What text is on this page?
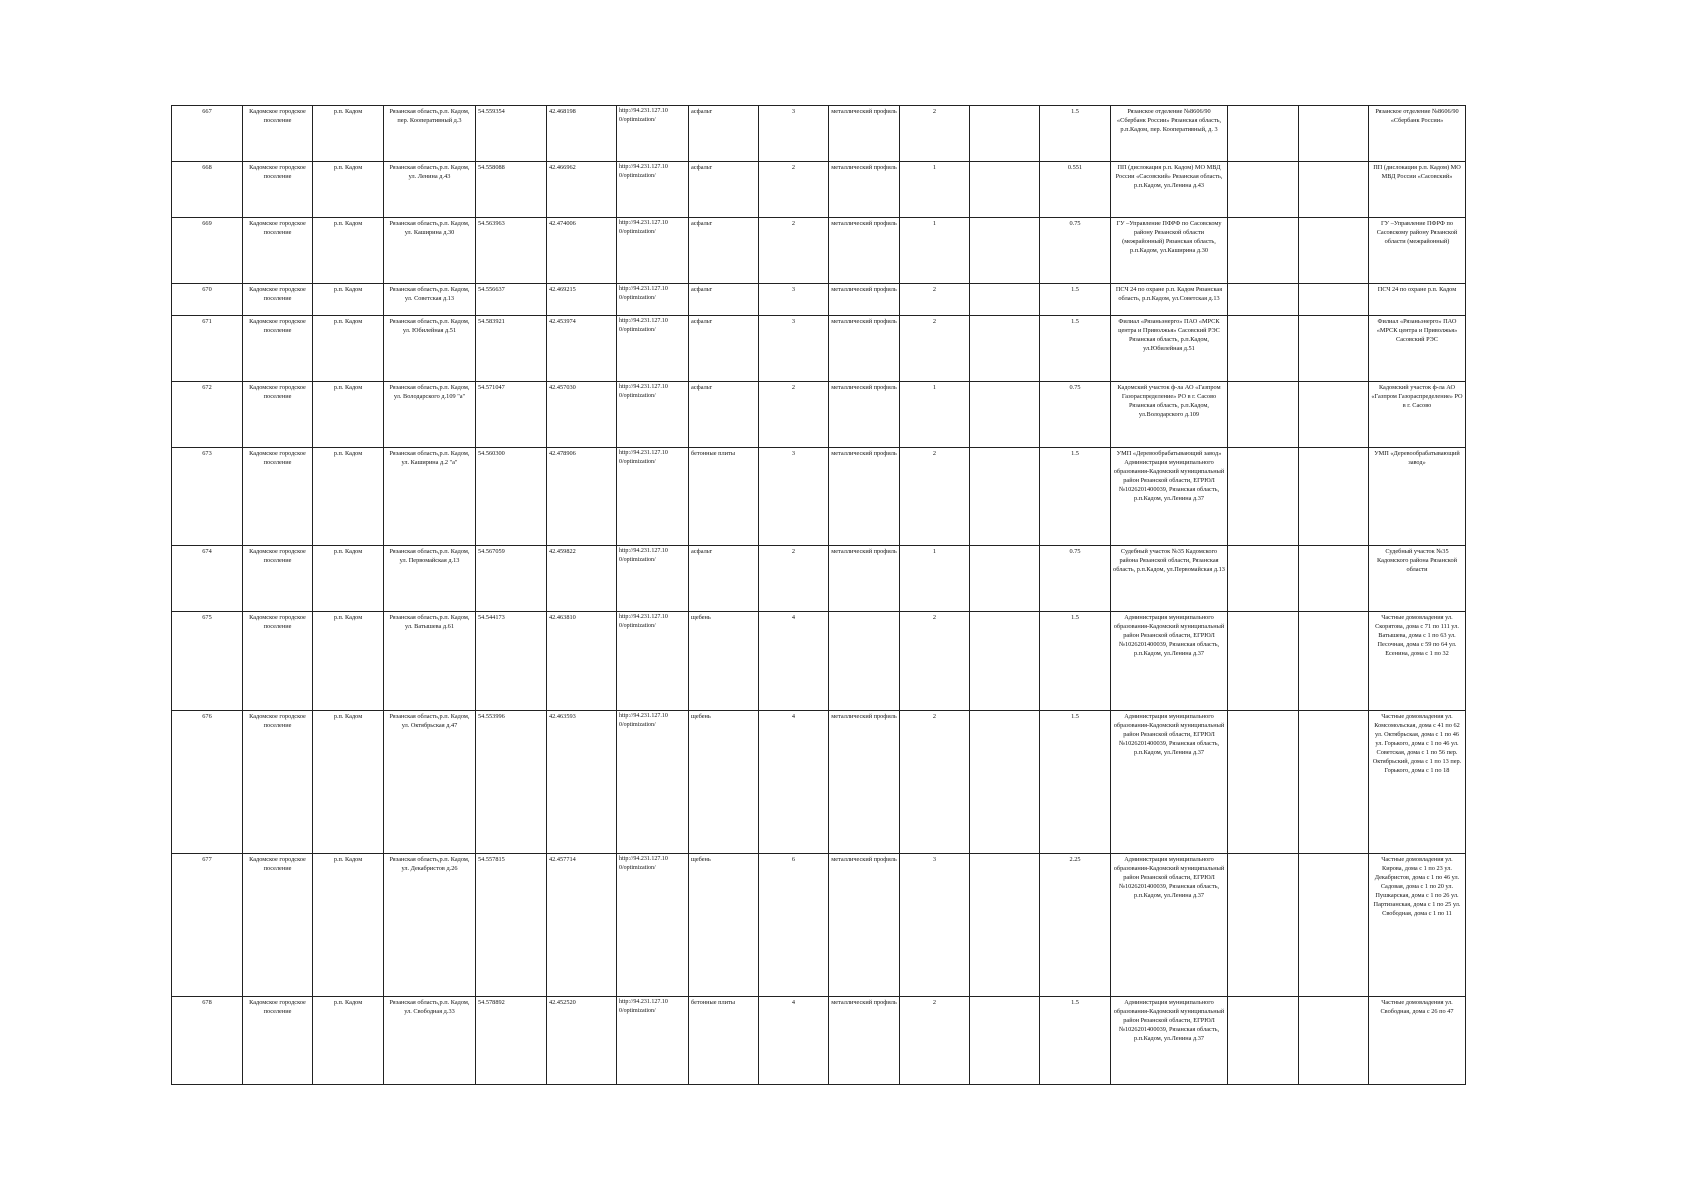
667	Кадомское городское поселение	р.п. Кадом	Рязанская область,р.п. Кадом, пер. Кооперативный д.3	54.559354	42.468198	http://94.231.127.10 0/optimization/	асфальт	3	металлический профиль	2		1.5	Рязанское отделение №8606/90 «Сбербанк России» Рязанская область, р.п.Кадом, пер. Кооперативный, д. 3			Рязанское отделение №8606/90 «Сбербанк России»
668	Кадомское городское поселение	р.п. Кадом	Рязанская область,р.п. Кадом, ул. Ленина д.43	54.558088	42.466962	http://94.231.127.10 0/optimization/	асфальт	2	металлический профиль	1		0.551	ПП (дислокация р.п. Кадом) МО МВД России «Сасовский» Рязанская область, р.п.Кадом, ул.Ленина д.43			ПП (дислокация р.п. Кадом) МО МВД России «Сасовский»
669	Кадомское городское поселение	р.п. Кадом	Рязанская область,р.п. Кадом, ул. Каширина д.30	54.563963	42.474006	http://94.231.127.10 0/optimization/	асфальт	2	металлический профиль	1		0.75	ГУ –Управление ПФРФ по Сасовскому району Рязанской области (межрайонный) Рязанская область, р.п.Кадом, ул.Каширина д.30			ГУ –Управление ПФРФ по Сасовскому району Рязанской области (межрайонный)
670	Кадомское городское поселение	р.п. Кадом	Рязанская область,р.п. Кадом, ул. Советская д.13	54.556637	42.469215	http://94.231.127.10 0/optimization/	асфальт	3	металлический профиль	2		1.5	ПСЧ 24 по охране р.п. Кадом Рязанская область, р.п.Кадом, ул.Советская д.13			ПСЧ 24 по охране р.п. Кадом
671	Кадомское городское поселение	р.п. Кадом	Рязанская область,р.п. Кадом, ул. Юбилейная д.51	54.583921	42.453974	http://94.231.127.10 0/optimization/	асфальт	3	металлический профиль	2		1.5	Филиал «Рязаньэнерго» ПАО «МРСК центра и Приволжья» Сасовский РЭС Рязанская область, р.п.Кадом, ул.Юбилейная д.51			Филиал «Рязаньэнерго» ПАО «МРСК центра и Приволжья» Сасовский РЭС
672	Кадомское городское поселение	р.п. Кадом	Рязанская область,р.п. Кадом, ул. Володарского д.109 "а"	54.571047	42.457030	http://94.231.127.10 0/optimization/	асфальт	2	металлический профиль	1		0.75	Кадомский участок ф-ла АО «Газпром Газораспределение» РО в г. Сасово Рязанская область, р.п.Кадом, ул.Володарского д.109			Кадомский участок ф-ла АО «Газпром Газораспределение» РО в г. Сасово
673	Кадомское городское поселение	р.п. Кадом	Рязанская область,р.п. Кадом, ул. Каширина д.2 "а"	54.560300	42.478906	http://94.231.127.10 0/optimization/	бетонные плиты	3	металлический профиль	2		1.5	УМП «Деревообрабатывающий завод» Администрация муниципального образования-Кадомский муниципальный район Рязанской области, ЕГРЮЛ №1026201400039, Рязанская область, р.п.Кадом, ул.Ленина д.37			УМП «Деревообрабатывающий завод»
674	Кадомское городское поселение	р.п. Кадом	Рязанская область,р.п. Кадом, ул. Первомайская д.13	54.567059	42.459822	http://94.231.127.10 0/optimization/	асфальт	2	металлический профиль	1		0.75	Судебный участок №35 Кадомского района Рязанской области, Рязанская область, р.п.Кадом, ул.Первомайская д.13			Судебный участок №35 Кадомского района Рязанской области
675	Кадомское городское поселение	р.п. Кадом	Рязанская область,р.п. Кадом, ул. Ватышева д.61	54.544173	42.463810	http://94.231.127.10 0/optimization/	щебень	4		2		1.5	Администрация муниципального образования-Кадомский муниципальный район Рязанской области, ЕГРЮЛ №1026201400039, Рязанская область, р.п.Кадом, ул.Ленина д.37			Частные домовладения ул. Скорятова, дома с 71 по 111 ул. Ватышева, дома с 1 по 63 ул. Песочная, дома с 59 по 64 ул. Есенина, дома с 1 по 32
676	Кадомское городское поселение	р.п. Кадом	Рязанская область,р.п. Кадом, ул. Октябрьская д.47	54.553996	42.463593	http://94.231.127.10 0/optimization/	щебень	4	металлический профиль	2		1.5	Администрация муниципального образования-Кадомский муниципальный район Рязанской области, ЕГРЮЛ №1026201400039, Рязанская область, р.п.Кадом, ул.Ленина д.37			Частные домовладения ул. Комсомольская, дома с 41 по 62 ул. Октябрьская, дома с 1 по 46 ул. Горького, дома с 1 по 46 ул. Советская, дома с 1 по 56 пер. Октябрьский, дома с 1 по 13 пер. Горького, дома с 1 по 18
677	Кадомское городское поселение	р.п. Кадом	Рязанская область,р.п. Кадом, ул. Декабристов д.26	54.557815	42.457714	http://94.231.127.10 0/optimization/	щебень	6	металлический профиль	3		2.25	Администрация муниципального образования-Кадомский муниципальный район Рязанской области, ЕГРЮЛ №1026201400039, Рязанская область, р.п.Кадом, ул.Ленина д.37			Частные домовладения ул. Кирова, дома с 1 по 23 ул. Декабристов, дома с 1 по 46 ул. Садовая, дома с 1 по 20 ул. Пушкарская, дома с 1 по 26 ул. Партизанская, дома с 1 по 25 ул. Свободная, дома с 1 по 11
678	Кадомское городское поселение	р.п. Кадом	Рязанская область,р.п. Кадом, ул. Свободная д.33	54.578892	42.452520	http://94.231.127.10 0/optimization/	бетонные плиты	4	металлический профиль	2		1.5	Администрация муниципального образования-Кадомский муниципальный район Рязанской области, ЕГРЮЛ №1026201400039, Рязанская область, р.п.Кадом, ул.Ленина д.37			Частные домовладения ул. Свободная, дома с 26 по 47
